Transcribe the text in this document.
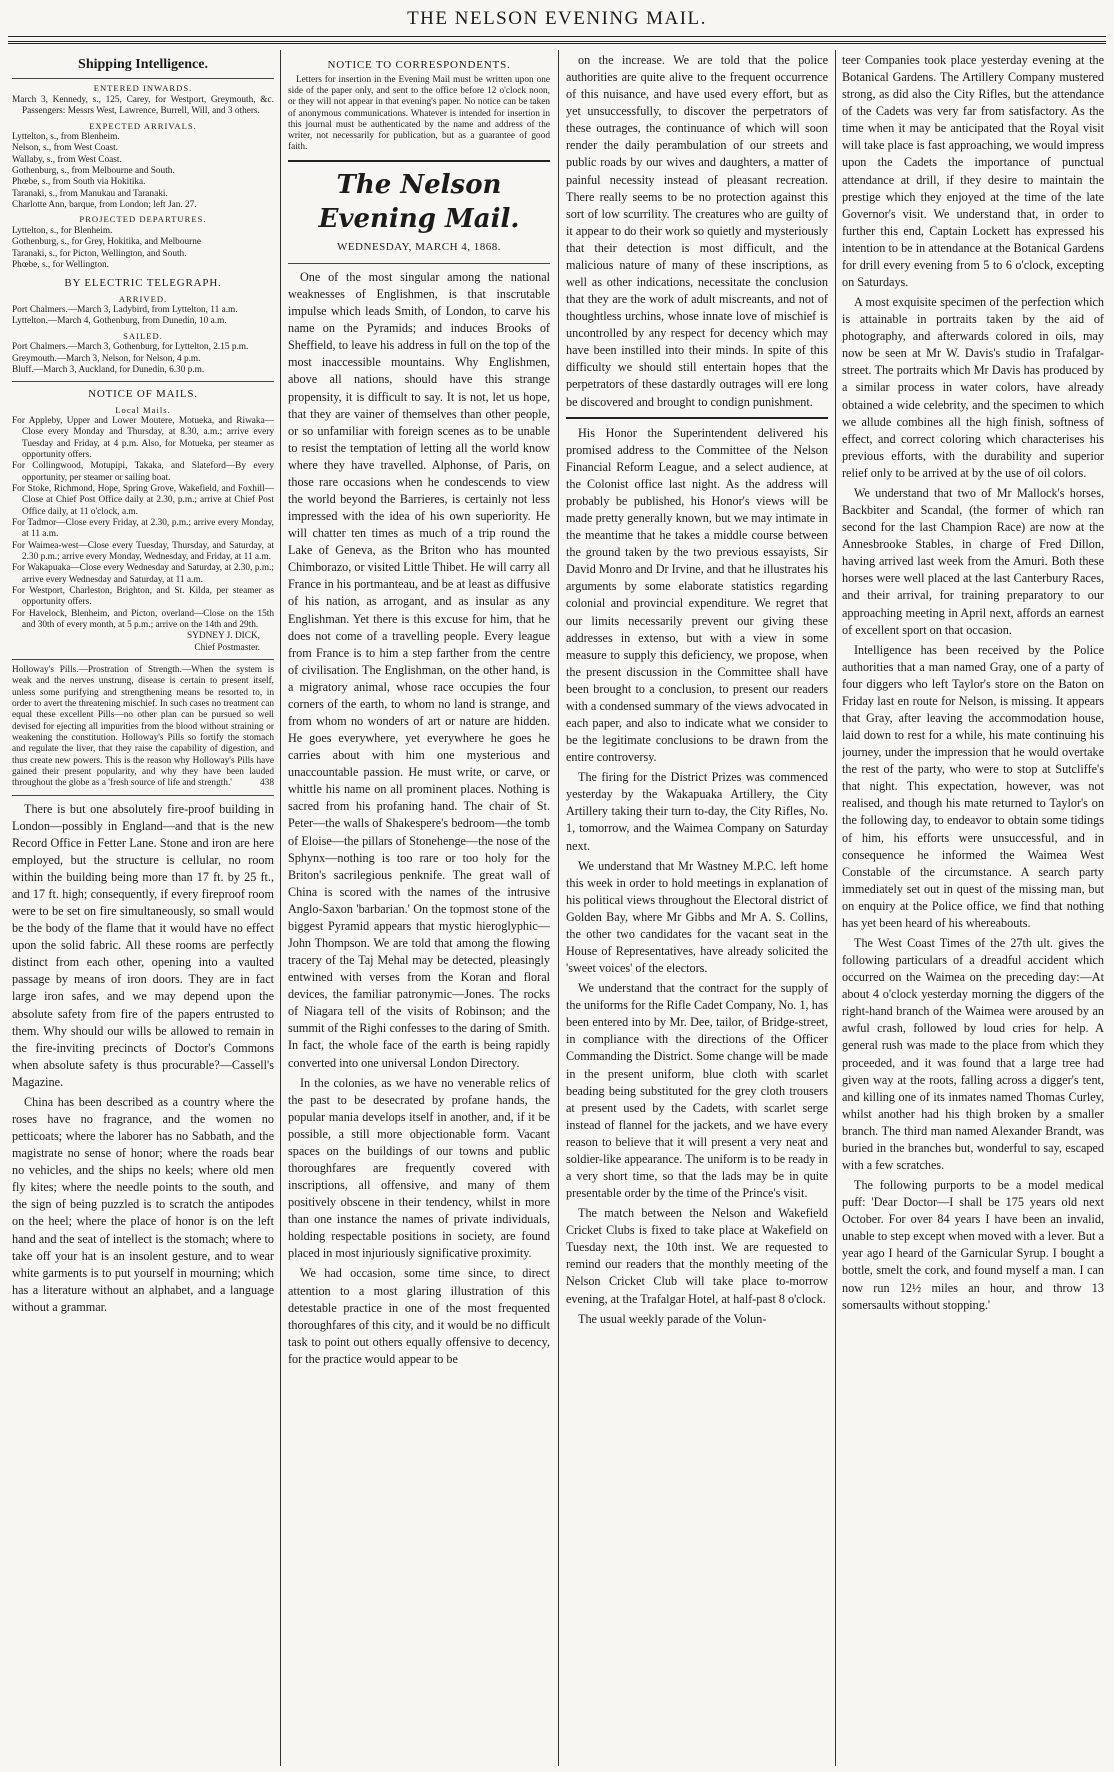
THE NELSON EVENING MAIL.
Shipping Intelligence.
ENTERED INWARDS.

March 3, Kennedy, s., 125, Carey, for Westport, Greymouth, &c. Passengers: Messrs West, Lawrence, Burrell, Will, and 3 others.

EXPECTED ARRIVALS.

Lyttelton, s., from Blenheim.

Nelson, s., from West Coast.

Wallaby, s., from West Coast.

Gothenburg, s., from Melbourne and South.

Phœbe, s., from South via Hokitika.

Taranaki, s., from Manukau and Taranaki.

Charlotte Ann, barque, from London; left Jan. 27.

PROJECTED DEPARTURES.

Lyttelton, s., for Blenheim.

Gothenburg, s., for Grey, Hokitika, and Melbourne

Taranaki, s., for Picton, Wellington, and South.

Phœbe, s., for Wellington.

BY ELECTRIC TELEGRAPH.
ARRIVED.

Port Chalmers.—March 3, Ladybird, from Lyttelton, 11 a.m.

Lyttelton.—March 4, Gothenburg, from Dunedin, 10 a.m.

SAILED.

Port Chalmers.—March 3, Gothenburg, for Lyttelton, 2.15 p.m.

Greymouth.—March 3, Nelson, for Nelson, 4 p.m.

Bluff.—March 3, Auckland, for Dunedin, 6.30 p.m.

NOTICE OF MAILS.
Local Mails.

For Appleby, Upper and Lower Moutere, Motueka, and Riwaka—Close every Monday and Thursday, at 8.30, a.m.; arrive every Tuesday and Friday, at 4 p.m. Also, for Motueka, per steamer as opportunity offers.

For Collingwood, Motupipi, Takaka, and Slateford—By every opportunity, per steamer or sailing boat.

For Stoke, Richmond, Hope, Spring Grove, Wakefield, and Foxhill—Close at Chief Post Office daily at 2.30, p.m.; arrive at Chief Post Office daily, at 11 o'clock, a.m.

For Tadmor—Close every Friday, at 2.30, p.m.; arrive every Monday, at 11 a.m.

For Waimea-west—Close every Tuesday, Thursday, and Saturday, at 2.30 p.m.; arrive every Monday, Wednesday, and Friday, at 11 a.m.

For Wakapuaka—Close every Wednesday and Saturday, at 2.30, p.m.; arrive every Wednesday and Saturday, at 11 a.m.

For Westport, Charleston, Brighton, and St. Kilda, per steamer as opportunity offers.

For Havelock, Blenheim, and Picton, overland—Close on the 15th and 30th of every month, at 5 p.m.; arrive on the 14th and 29th.

SYDNEY J. DICK,

Chief Postmaster.

Holloway's Pills.—Prostration of Strength.—When the system is weak and the nerves unstrung, disease is certain to present itself, unless some purifying and strengthening means be resorted to, in order to avert the threatening mischief. In such cases no treatment can equal these excellent Pills—no other plan can be pursued so well devised for ejecting all impurities from the blood without straining or weakening the constitution. Holloway's Pills so fortify the stomach and regulate the liver, that they raise the capability of digestion, and thus create new powers. This is the reason why Holloway's Pills have gained their present popularity, and why they have been lauded throughout the globe as a 'fresh source of life and strength.'	438

There is but one absolutely fire-proof building in London—possibly in England—and that is the new Record Office in Fetter Lane. Stone and iron are here employed, but the structure is cellular, no room within the building being more than 17 ft. by 25 ft., and 17 ft. high; consequently, if every fireproof room were to be set on fire simultaneously, so small would be the body of the flame that it would have no effect upon the solid fabric. All these rooms are perfectly distinct from each other, opening into a vaulted passage by means of iron doors. They are in fact large iron safes, and we may depend upon the absolute safety from fire of the papers entrusted to them. Why should our wills be allowed to remain in the fire-inviting precincts of Doctor's Commons when absolute safety is thus procurable?—Cassell's Magazine.

China has been described as a country where the roses have no fragrance, and the women no petticoats; where the laborer has no Sabbath, and the magistrate no sense of honor; where the roads bear no vehicles, and the ships no keels; where old men fly kites; where the needle points to the south, and the sign of being puzzled is to scratch the antipodes on the heel; where the place of honor is on the left hand and the seat of intellect is the stomach; where to take off your hat is an insolent gesture, and to wear white garments is to put yourself in mourning; which has a literature without an alphabet, and a language without a grammar.

NOTICE TO CORRESPONDENTS.

Letters for insertion in the Evening Mail must be written upon one side of the paper only, and sent to the office before 12 o'clock noon, or they will not appear in that evening's paper. No notice can be taken of anonymous communications. Whatever is intended for insertion in this journal must be authenticated by the name and address of the writer, not necessarily for publication, but as a guarantee of good faith.

The Nelson Evening Mail.
WEDNESDAY, MARCH 4, 1868.

One of the most singular among the national weaknesses of Englishmen, is that inscrutable impulse which leads Smith, of London, to carve his name on the Pyramids; and induces Brooks of Sheffield, to leave his address in full on the top of the most inaccessible mountains. Why Englishmen, above all nations, should have this strange propensity, it is difficult to say. It is not, let us hope, that they are vainer of themselves than other people, or so unfamiliar with foreign scenes as to be unable to resist the temptation of letting all the world know where they have travelled. Alphonse, of Paris, on those rare occasions when he condescends to view the world beyond the Barrieres, is certainly not less impressed with the idea of his own superiority. He will chatter ten times as much of a trip round the Lake of Geneva, as the Briton who has mounted Chimborazo, or visited Little Thibet. He will carry all France in his portmanteau, and be at least as diffusive of his nation, as arrogant, and as insular as any Englishman. Yet there is this excuse for him, that he does not come of a travelling people. Every league from France is to him a step farther from the centre of civilisation. The Englishman, on the other hand, is a migratory animal, whose race occupies the four corners of the earth, to whom no land is strange, and from whom no wonders of art or nature are hidden. He goes everywhere, yet everywhere he goes he carries about with him one mysterious and unaccountable passion. He must write, or carve, or whittle his name on all prominent places. Nothing is sacred from his profaning hand. The chair of St. Peter—the walls of Shakespere's bedroom—the tomb of Eloise—the pillars of Stonehenge—the nose of the Sphynx—nothing is too rare or too holy for the Briton's sacrilegious penknife. The great wall of China is scored with the names of the intrusive Anglo-Saxon 'barbarian.' On the topmost stone of the biggest Pyramid appears that mystic hieroglyphic—John Thompson. We are told that among the flowing tracery of the Taj Mehal may be detected, pleasingly entwined with verses from the Koran and floral devices, the familiar patronymic—Jones. The rocks of Niagara tell of the visits of Robinson; and the summit of the Righi confesses to the daring of Smith. In fact, the whole face of the earth is being rapidly converted into one universal London Directory.

In the colonies, as we have no venerable relics of the past to be desecrated by profane hands, the popular mania develops itself in another, and, if it be possible, a still more objectionable form. Vacant spaces on the buildings of our towns and public thoroughfares are frequently covered with inscriptions, all offensive, and many of them positively obscene in their tendency, whilst in more than one instance the names of private individuals, holding respectable positions in society, are found placed in most injuriously significative proximity.

We had occasion, some time since, to direct attention to a most glaring illustration of this detestable practice in one of the most frequented thoroughfares of this city, and it would be no difficult task to point out others equally offensive to decency, for the practice would appear to be

on the increase. We are told that the police authorities are quite alive to the frequent occurrence of this nuisance, and have used every effort, but as yet unsuccessfully, to discover the perpetrators of these outrages, the continuance of which will soon render the daily perambulation of our streets and public roads by our wives and daughters, a matter of painful necessity instead of pleasant recreation. There really seems to be no protection against this sort of low scurrility. The creatures who are guilty of it appear to do their work so quietly and mysteriously that their detection is most difficult, and the malicious nature of many of these inscriptions, as well as other indications, necessitate the conclusion that they are the work of adult miscreants, and not of thoughtless urchins, whose innate love of mischief is uncontrolled by any respect for decency which may have been instilled into their minds. In spite of this difficulty we should still entertain hopes that the perpetrators of these dastardly outrages will ere long be discovered and brought to condign punishment.

His Honor the Superintendent delivered his promised address to the Committee of the Nelson Financial Reform League, and a select audience, at the Colonist office last night. As the address will probably be published, his Honor's views will be made pretty generally known, but we may intimate in the meantime that he takes a middle course between the ground taken by the two previous essayists, Sir David Monro and Dr Irvine, and that he illustrates his arguments by some elaborate statistics regarding colonial and provincial expenditure. We regret that our limits necessarily prevent our giving these addresses in extenso, but with a view in some measure to supply this deficiency, we propose, when the present discussion in the Committee shall have been brought to a conclusion, to present our readers with a condensed summary of the views advocated in each paper, and also to indicate what we consider to be the legitimate conclusions to be drawn from the entire controversy.

The firing for the District Prizes was commenced yesterday by the Wakapuaka Artillery, the City Artillery taking their turn to-day, the City Rifles, No. 1, tomorrow, and the Waimea Company on Saturday next.

We understand that Mr Wastney M.P.C. left home this week in order to hold meetings in explanation of his political views throughout the Electoral district of Golden Bay, where Mr Gibbs and Mr A. S. Collins, the other two candidates for the vacant seat in the House of Representatives, have already solicited the 'sweet voices' of the electors.

We understand that the contract for the supply of the uniforms for the Rifle Cadet Company, No. 1, has been entered into by Mr. Dee, tailor, of Bridge-street, in compliance with the directions of the Officer Commanding the District. Some change will be made in the present uniform, blue cloth with scarlet beading being substituted for the grey cloth trousers at present used by the Cadets, with scarlet serge instead of flannel for the jackets, and we have every reason to believe that it will present a very neat and soldier-like appearance. The uniform is to be ready in a very short time, so that the lads may be in quite presentable order by the time of the Prince's visit.

The match between the Nelson and Wakefield Cricket Clubs is fixed to take place at Wakefield on Tuesday next, the 10th inst. We are requested to remind our readers that the monthly meeting of the Nelson Cricket Club will take place to-morrow evening, at the Trafalgar Hotel, at half-past 8 o'clock.

The usual weekly parade of the Volun-

teer Companies took place yesterday evening at the Botanical Gardens. The Artillery Company mustered strong, as did also the City Rifles, but the attendance of the Cadets was very far from satisfactory. As the time when it may be anticipated that the Royal visit will take place is fast approaching, we would impress upon the Cadets the importance of punctual attendance at drill, if they desire to maintain the prestige which they enjoyed at the time of the late Governor's visit. We understand that, in order to further this end, Captain Lockett has expressed his intention to be in attendance at the Botanical Gardens for drill every evening from 5 to 6 o'clock, excepting on Saturdays.

A most exquisite specimen of the perfection which is attainable in portraits taken by the aid of photography, and afterwards colored in oils, may now be seen at Mr W. Davis's studio in Trafalgar-street. The portraits which Mr Davis has produced by a similar process in water colors, have already obtained a wide celebrity, and the specimen to which we allude combines all the high finish, softness of effect, and correct coloring which characterises his previous efforts, with the durability and superior relief only to be arrived at by the use of oil colors.

We understand that two of Mr Mallock's horses, Backbiter and Scandal, (the former of which ran second for the last Champion Race) are now at the Annesbrooke Stables, in charge of Fred Dillon, having arrived last week from the Amuri. Both these horses were well placed at the last Canterbury Races, and their arrival, for training preparatory to our approaching meeting in April next, affords an earnest of excellent sport on that occasion.

Intelligence has been received by the Police authorities that a man named Gray, one of a party of four diggers who left Taylor's store on the Baton on Friday last en route for Nelson, is missing. It appears that Gray, after leaving the accommodation house, laid down to rest for a while, his mate continuing his journey, under the impression that he would overtake the rest of the party, who were to stop at Sutcliffe's that night. This expectation, however, was not realised, and though his mate returned to Taylor's on the following day, to endeavor to obtain some tidings of him, his efforts were unsuccessful, and in consequence he informed the Waimea West Constable of the circumstance. A search party immediately set out in quest of the missing man, but on enquiry at the Police office, we find that nothing has yet been heard of his whereabouts.

The West Coast Times of the 27th ult. gives the following particulars of a dreadful accident which occurred on the Waimea on the preceding day:—At about 4 o'clock yesterday morning the diggers of the right-hand branch of the Waimea were aroused by an awful crash, followed by loud cries for help. A general rush was made to the place from which they proceeded, and it was found that a large tree had given way at the roots, falling across a digger's tent, and killing one of its inmates named Thomas Curley, whilst another had his thigh broken by a smaller branch. The third man named Alexander Brandt, was buried in the branches but, wonderful to say, escaped with a few scratches.

The following purports to be a model medical puff: 'Dear Doctor—I shall be 175 years old next October. For over 84 years I have been an invalid, unable to step except when moved with a lever. But a year ago I heard of the Garnicular Syrup. I bought a bottle, smelt the cork, and found myself a man. I can now run 12½ miles an hour, and throw 13 somersaults without stopping.'
